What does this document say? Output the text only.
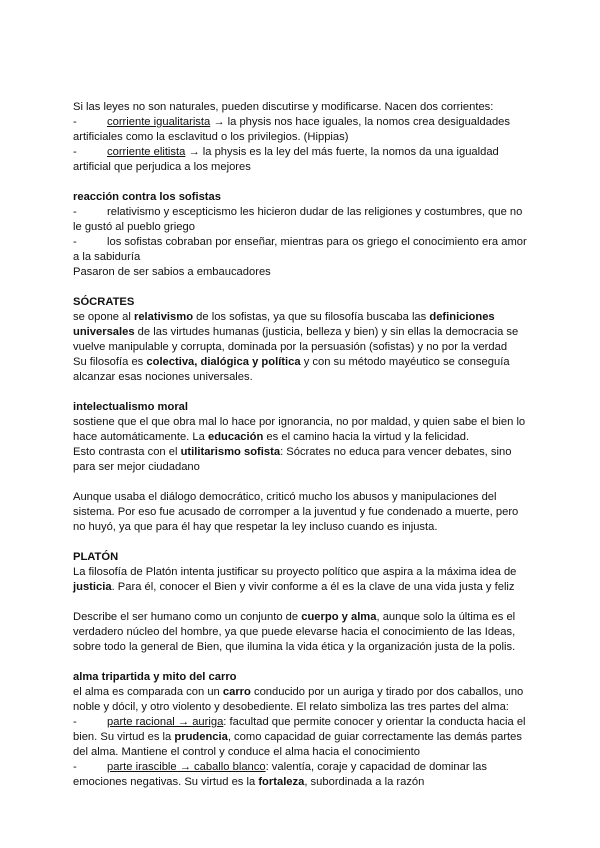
Si las leyes no son naturales, pueden discutirse y modificarse. Nacen dos corrientes:

-	corriente igualitarista → la physis nos hace iguales, la nomos crea desigualdades artificiales como la esclavitud o los privilegios. (Hippias)

-	corriente elitista → la physis es la ley del más fuerte, la nomos da una igualdad artificial que perjudica a los mejores

reacción contra los sofistas

-	relativismo y escepticismo les hicieron dudar de las religiones y costumbres, que no le gustó al pueblo griego

-	los sofistas cobraban por enseñar, mientras para os griego el conocimiento era amor a la sabiduría

Pasaron de ser sabios a embaucadores

SÓCRATES

se opone al relativismo de los sofistas, ya que su filosofía buscaba las definiciones universales de las virtudes humanas (justicia, belleza y bien) y sin ellas la democracia se vuelve manipulable y corrupta, dominada por la persuasión (sofistas) y no por la verdad

Su filosofía es colectiva, dialógica y política y con su método mayéutico se conseguía alcanzar esas nociones universales.

intelectualismo moral

sostiene que el que obra mal lo hace por ignorancia, no por maldad, y quien sabe el bien lo hace automáticamente. La educación es el camino hacia la virtud y la felicidad.

Esto contrasta con el utilitarismo sofista: Sócrates no educa para vencer debates, sino para ser mejor ciudadano

Aunque usaba el diálogo democrático, criticó mucho los abusos y manipulaciones del sistema. Por eso fue acusado de corromper a la juventud y fue condenado a muerte, pero no huyó, ya que para él hay que respetar la ley incluso cuando es injusta.

PLATÓN

La filosofía de Platón intenta justificar su proyecto político que aspira a la máxima idea de justicia. Para él, conocer el Bien y vivir conforme a él es la clave de una vida justa y feliz

Describe el ser humano como un conjunto de cuerpo y alma, aunque solo la última es el verdadero núcleo del hombre, ya que puede elevarse hacia el conocimiento de las Ideas, sobre todo la general de Bien, que ilumina la vida ética y la organización justa de la polis.

alma tripartida y mito del carro

el alma es comparada con un carro conducido por un auriga y tirado por dos caballos, uno noble y dócil, y otro violento y desobediente. El relato simboliza las tres partes del alma:

-	parte racional → auriga: facultad que permite conocer y orientar la conducta hacia el bien. Su virtud es la prudencia, como capacidad de guiar correctamente las demás partes del alma. Mantiene el control y conduce el alma hacia el conocimiento

-	parte irascible → caballo blanco: valentía, coraje y capacidad de dominar las emociones negativas. Su virtud es la fortaleza, subordinada a la razón
